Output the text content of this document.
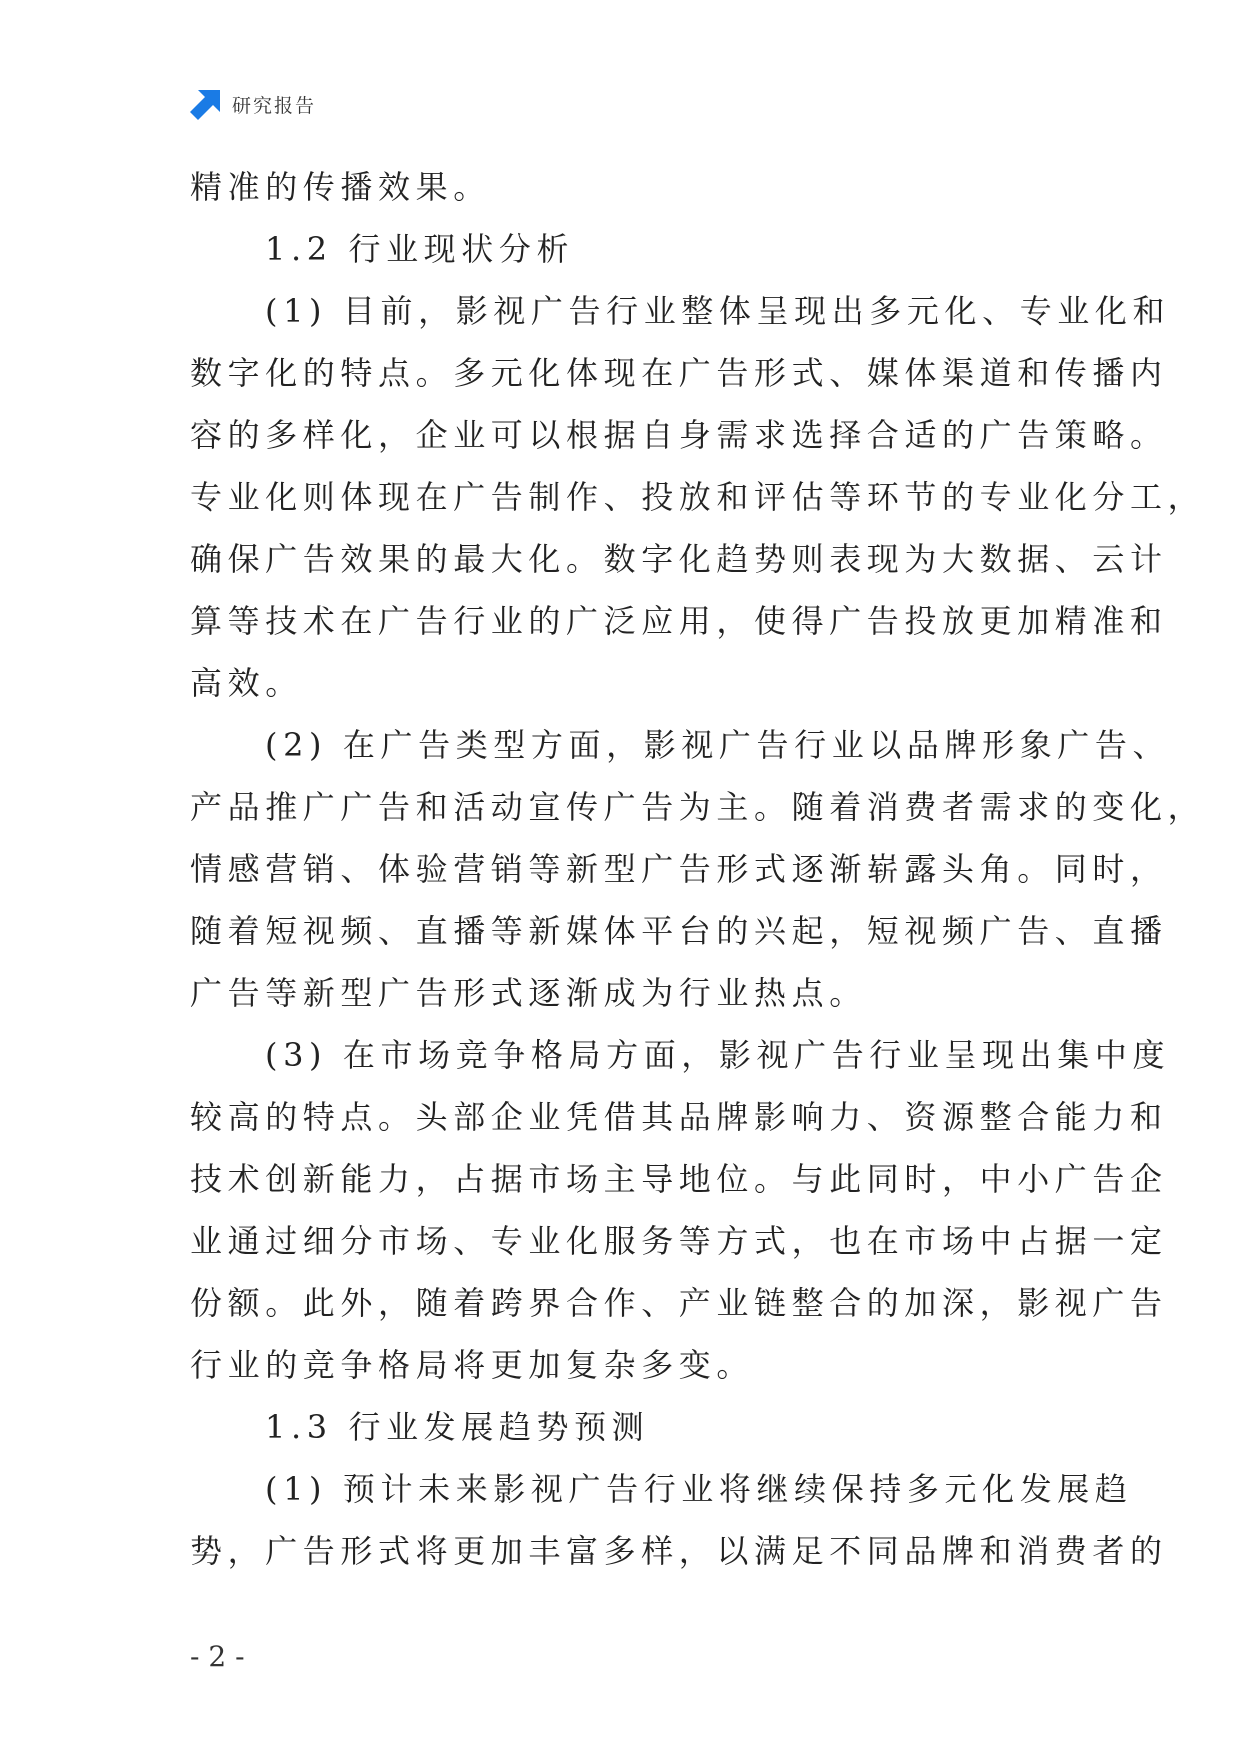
研究报告
精准的传播效果。
1.2 行业现状分析
(1) 目前，影视广告行业整体呈现出多元化、专业化和
数字化的特点。多元化体现在广告形式、媒体渠道和传播内
容的多样化，企业可以根据自身需求选择合适的广告策略。
专业化则体现在广告制作、投放和评估等环节的专业化分工，
确保广告效果的最大化。数字化趋势则表现为大数据、云计
算等技术在广告行业的广泛应用，使得广告投放更加精准和
高效。
(2) 在广告类型方面，影视广告行业以品牌形象广告、
产品推广广告和活动宣传广告为主。随着消费者需求的变化，
情感营销、体验营销等新型广告形式逐渐崭露头角。同时，
随着短视频、直播等新媒体平台的兴起，短视频广告、直播
广告等新型广告形式逐渐成为行业热点。
(3) 在市场竞争格局方面，影视广告行业呈现出集中度
较高的特点。头部企业凭借其品牌影响力、资源整合能力和
技术创新能力，占据市场主导地位。与此同时，中小广告企
业通过细分市场、专业化服务等方式，也在市场中占据一定
份额。此外，随着跨界合作、产业链整合的加深，影视广告
行业的竞争格局将更加复杂多变。
1.3 行业发展趋势预测
(1) 预计未来影视广告行业将继续保持多元化发展趋
势，广告形式将更加丰富多样，以满足不同品牌和消费者的
- 2 -
